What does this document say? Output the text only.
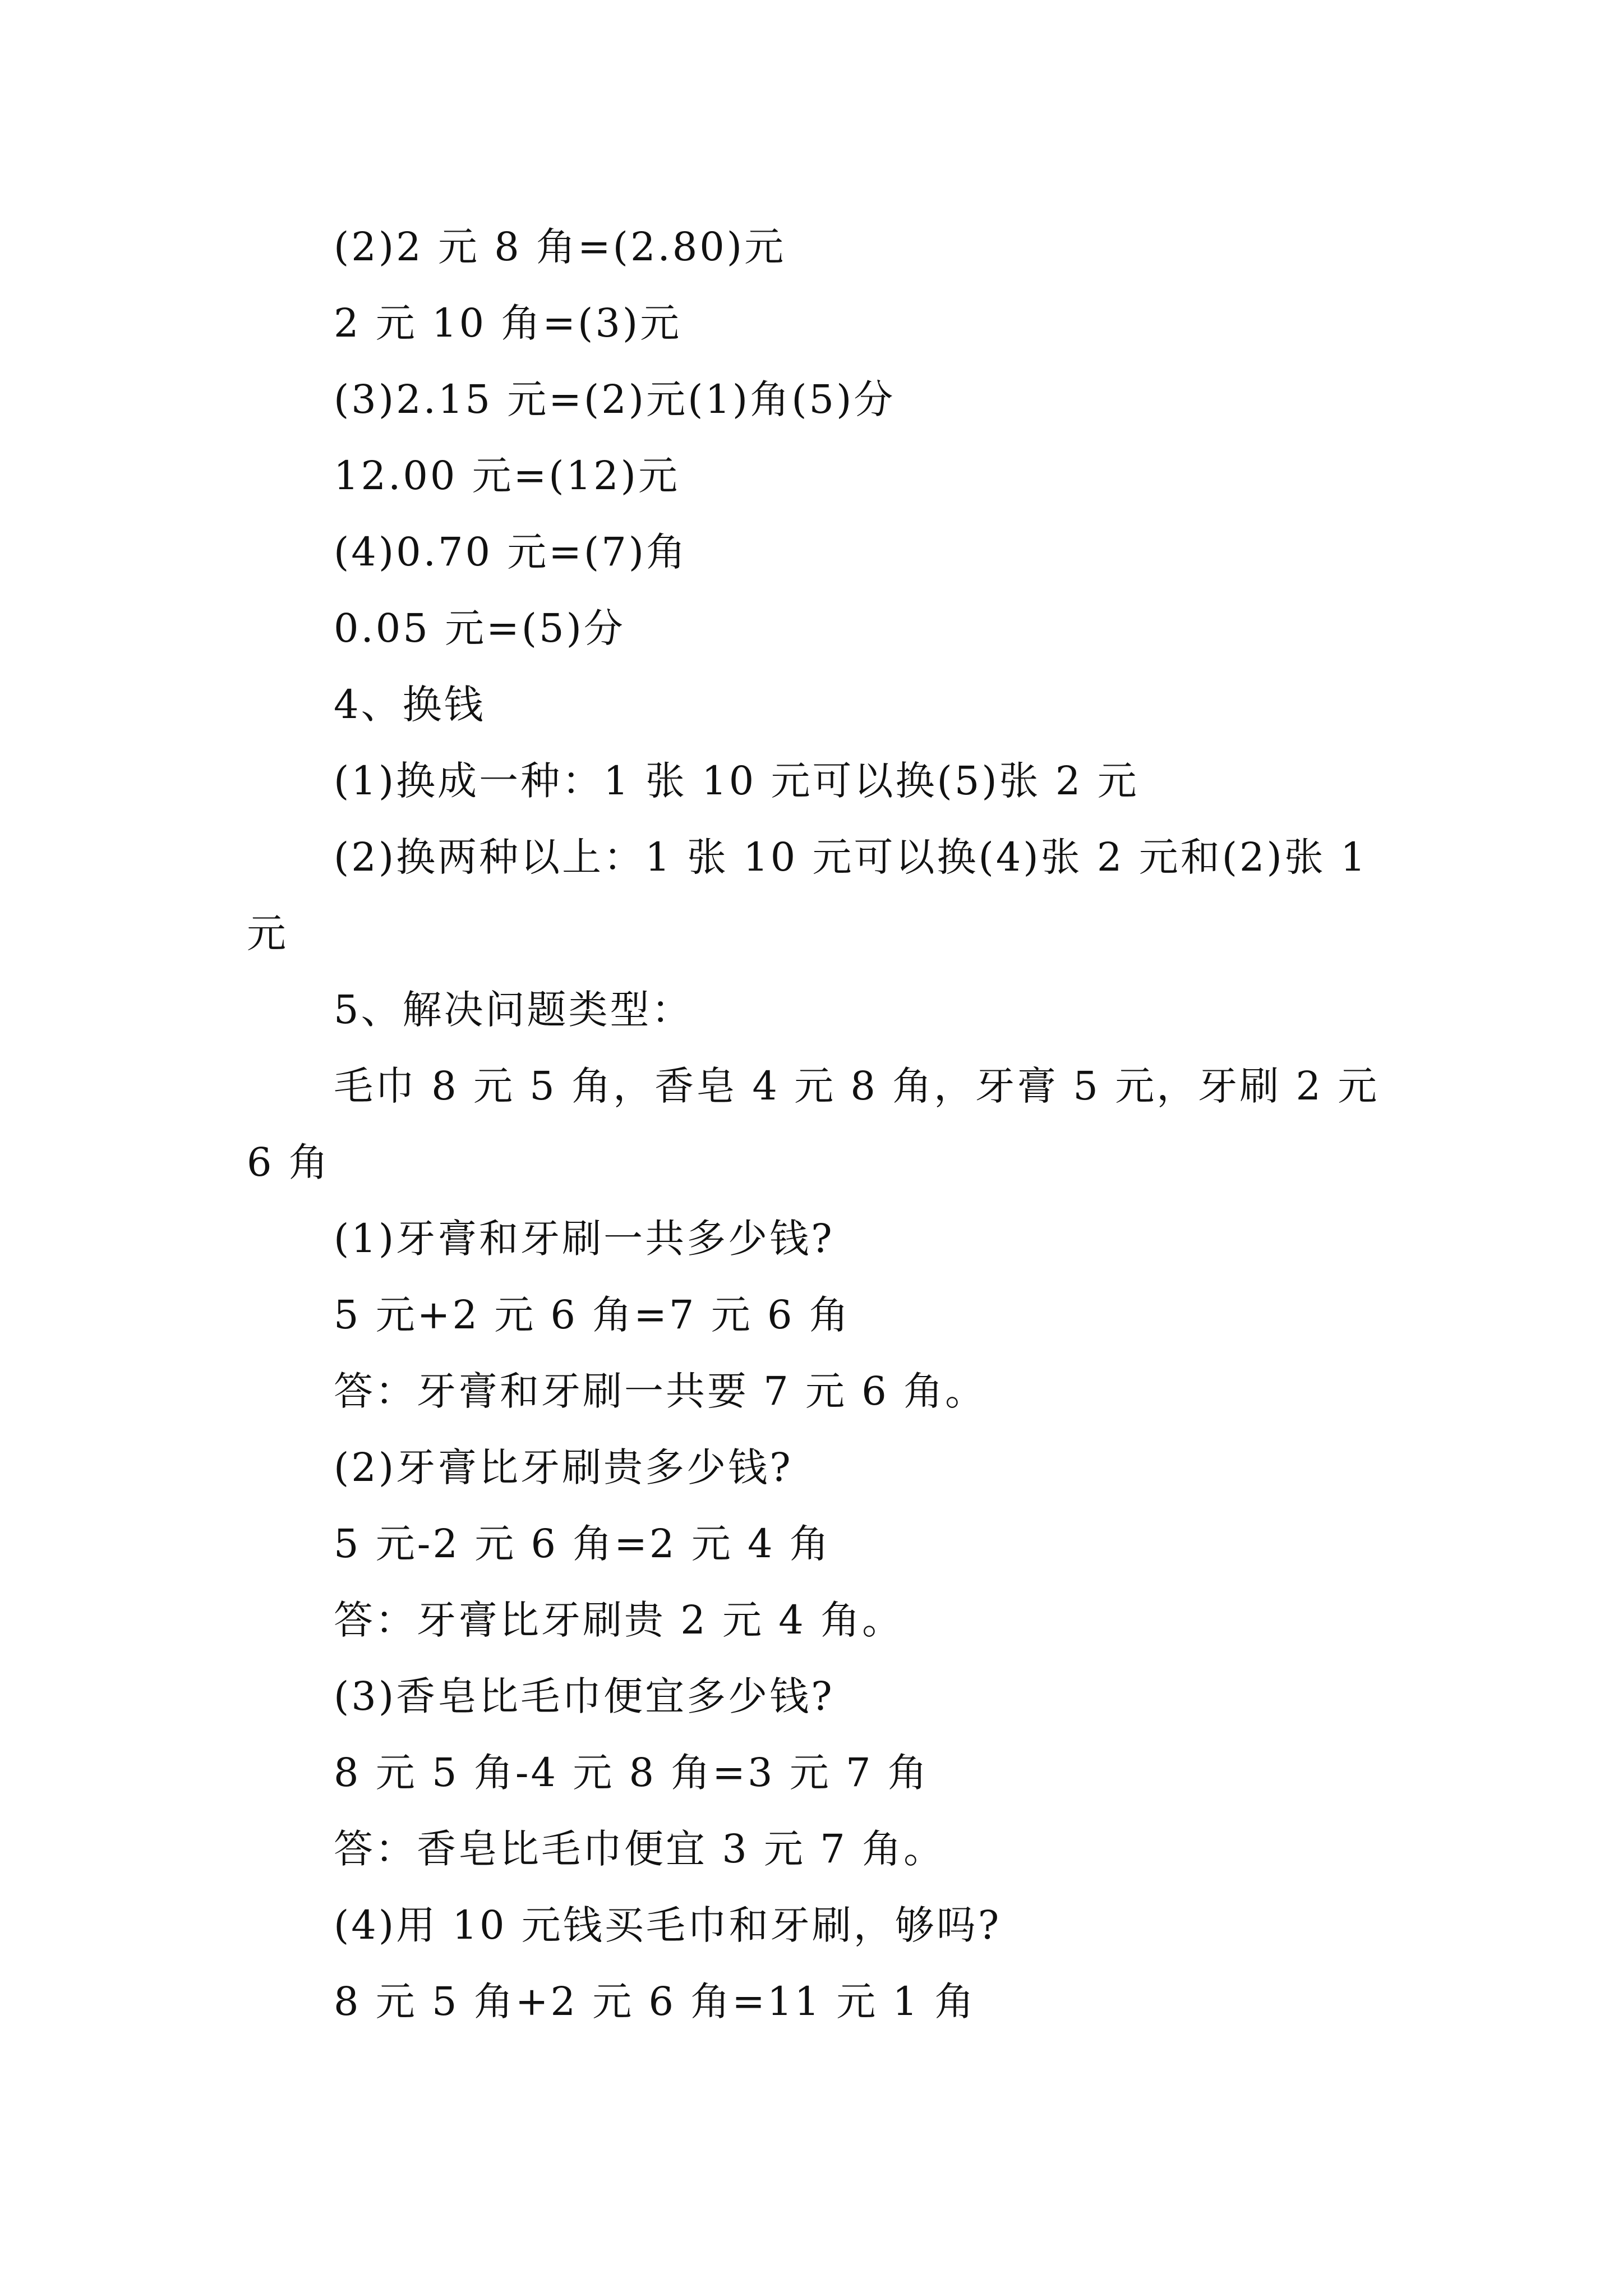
(2)2 元 8 角=(2.80)元

2 元 10 角=(3)元

(3)2.15 元=(2)元(1)角(5)分

12.00 元=(12)元

(4)0.70 元=(7)角

0.05 元=(5)分

4、换钱

(1)换成一种：1 张 10 元可以换(5)张 2 元

(2)换两种以上：1 张 10 元可以换(4)张 2 元和(2)张 1 元

5、解决问题类型：

毛巾 8 元 5 角，香皂 4 元 8 角，牙膏 5 元，牙刷 2 元 6 角

(1)牙膏和牙刷一共多少钱?

5 元+2 元 6 角=7 元 6 角

答：牙膏和牙刷一共要 7 元 6 角。

(2)牙膏比牙刷贵多少钱?

5 元-2 元 6 角=2 元 4 角

答：牙膏比牙刷贵 2 元 4 角。

(3)香皂比毛巾便宜多少钱?

8 元 5 角-4 元 8 角=3 元 7 角

答：香皂比毛巾便宜 3 元 7 角。

(4)用 10 元钱买毛巾和牙刷，够吗?

8 元 5 角+2 元 6 角=11 元 1 角
